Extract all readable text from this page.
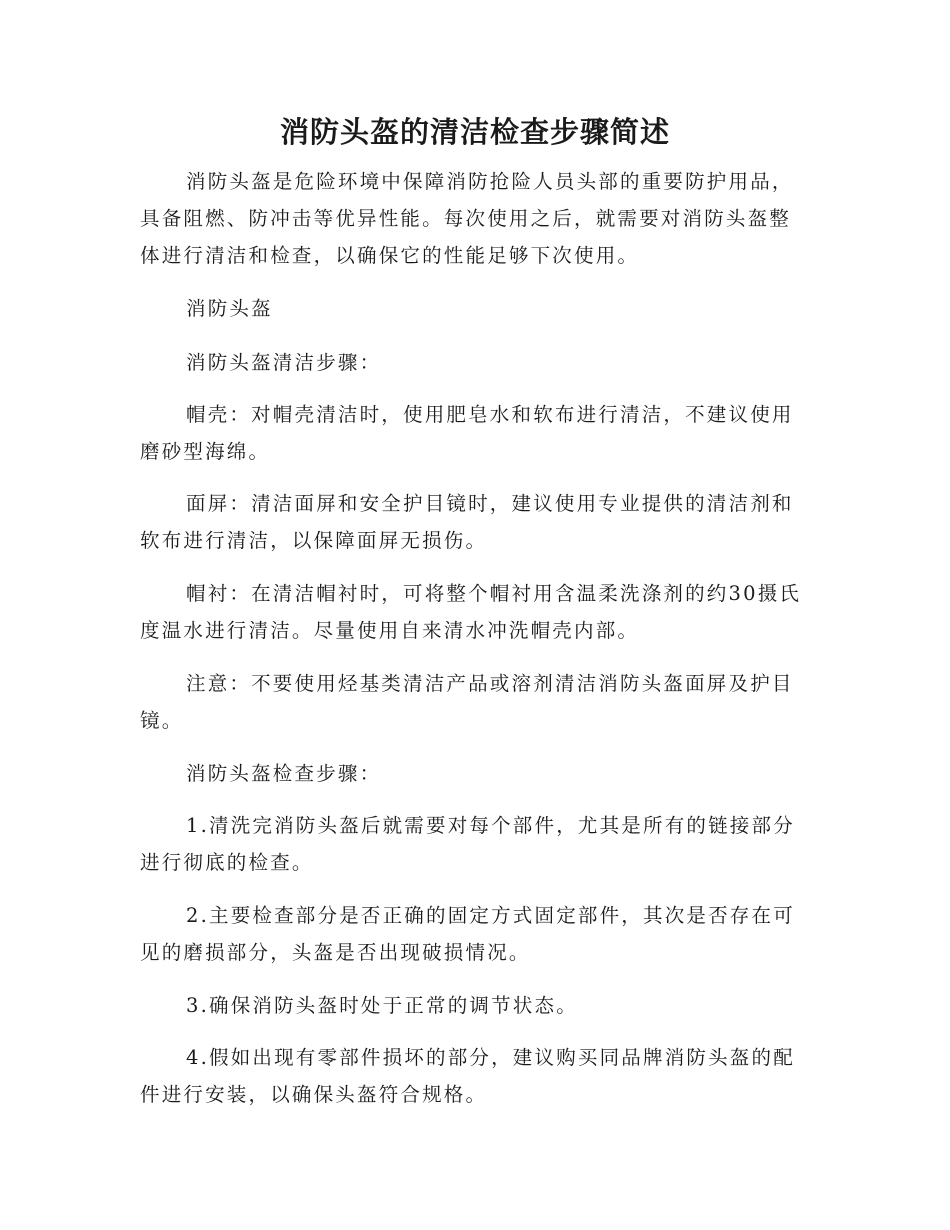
消防头盔的清洁检查步骤简述

消防头盔是危险环境中保障消防抢险人员头部的重要防护用品，
具备阻燃、防冲击等优异性能。每次使用之后，就需要对消防头盔整
体进行清洁和检查，以确保它的性能足够下次使用。

消防头盔

消防头盔清洁步骤：

帽壳：对帽壳清洁时，使用肥皂水和软布进行清洁，不建议使用
磨砂型海绵。

面屏：清洁面屏和安全护目镜时，建议使用专业提供的清洁剂和
软布进行清洁，以保障面屏无损伤。

帽衬：在清洁帽衬时，可将整个帽衬用含温柔洗涤剂的约30摄氏
度温水进行清洁。尽量使用自来清水冲洗帽壳内部。

注意：不要使用烃基类清洁产品或溶剂清洁消防头盔面屏及护目
镜。

消防头盔检查步骤：

1.清洗完消防头盔后就需要对每个部件，尤其是所有的链接部分
进行彻底的检查。

2.主要检查部分是否正确的固定方式固定部件，其次是否存在可
见的磨损部分，头盔是否出现破损情况。

3.确保消防头盔时处于正常的调节状态。

4.假如出现有零部件损坏的部分，建议购买同品牌消防头盔的配
件进行安装，以确保头盔符合规格。
